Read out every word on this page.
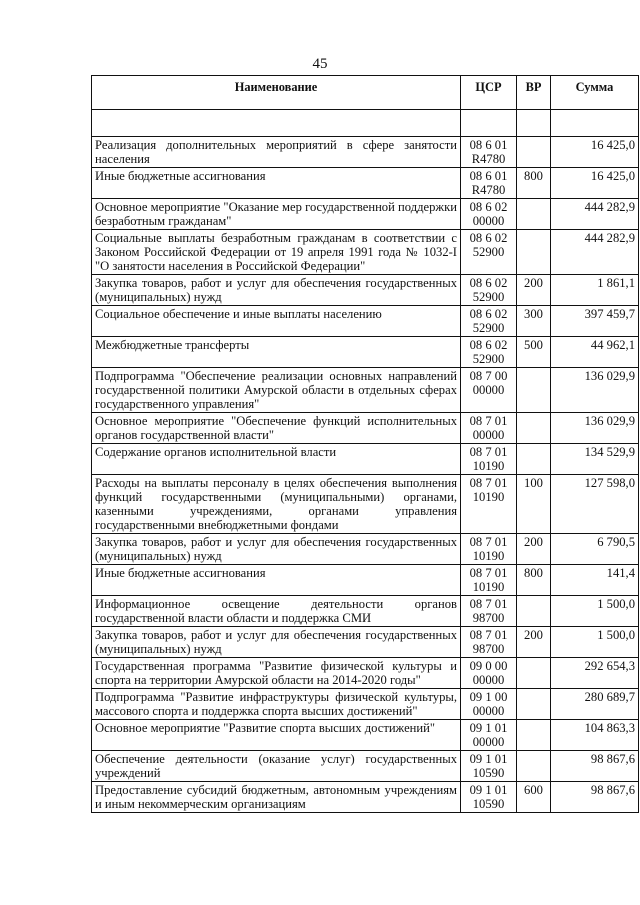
45
Наименование	ЦСР	ВР	Сумма

Реализация дополнительных мероприятий в сфере занятости населения	08 6 01 R4780		16 425,0
Иные бюджетные ассигнования	08 6 01 R4780	800	16 425,0
Основное мероприятие "Оказание мер государственной поддержки безработным гражданам"	08 6 02 00000		444 282,9
Социальные выплаты безработным гражданам в соответствии с Законом Российской Федерации от 19 апреля 1991 года № 1032-I "О занятости населения в Российской Федерации"	08 6 02 52900		444 282,9
Закупка товаров, работ и услуг для обеспечения государственных (муниципальных) нужд	08 6 02 52900	200	1 861,1
Социальное обеспечение и иные выплаты населению	08 6 02 52900	300	397 459,7
Межбюджетные трансферты	08 6 02 52900	500	44 962,1
Подпрограмма "Обеспечение реализации основных направлений государственной политики Амурской области в отдельных сферах государственного управления"	08 7 00 00000		136 029,9
Основное мероприятие "Обеспечение функций исполнительных органов государственной власти"	08 7 01 00000		136 029,9
Содержание органов исполнительной власти	08 7 01 10190		134 529,9
Расходы на выплаты персоналу в целях обеспечения выполнения функций государственными (муниципальными) органами, казенными учреждениями, органами управления государственными внебюджетными фондами	08 7 01 10190	100	127 598,0
Закупка товаров, работ и услуг для обеспечения государственных (муниципальных) нужд	08 7 01 10190	200	6 790,5
Иные бюджетные ассигнования	08 7 01 10190	800	141,4
Информационное освещение деятельности органов государственной власти области и поддержка СМИ	08 7 01 98700		1 500,0
Закупка товаров, работ и услуг для обеспечения государственных (муниципальных) нужд	08 7 01 98700	200	1 500,0
Государственная программа "Развитие физической культуры и спорта на территории Амурской области на 2014-2020 годы"	09 0 00 00000		292 654,3
Подпрограмма "Развитие инфраструктуры физической культуры, массового спорта и поддержка спорта высших достижений"	09 1 00 00000		280 689,7
Основное мероприятие "Развитие спорта высших достижений"	09 1 01 00000		104 863,3
Обеспечение деятельности (оказание услуг) государственных учреждений	09 1 01 10590		98 867,6
Предоставление субсидий бюджетным, автономным учреждениям и иным некоммерческим организациям	09 1 01 10590	600	98 867,6
